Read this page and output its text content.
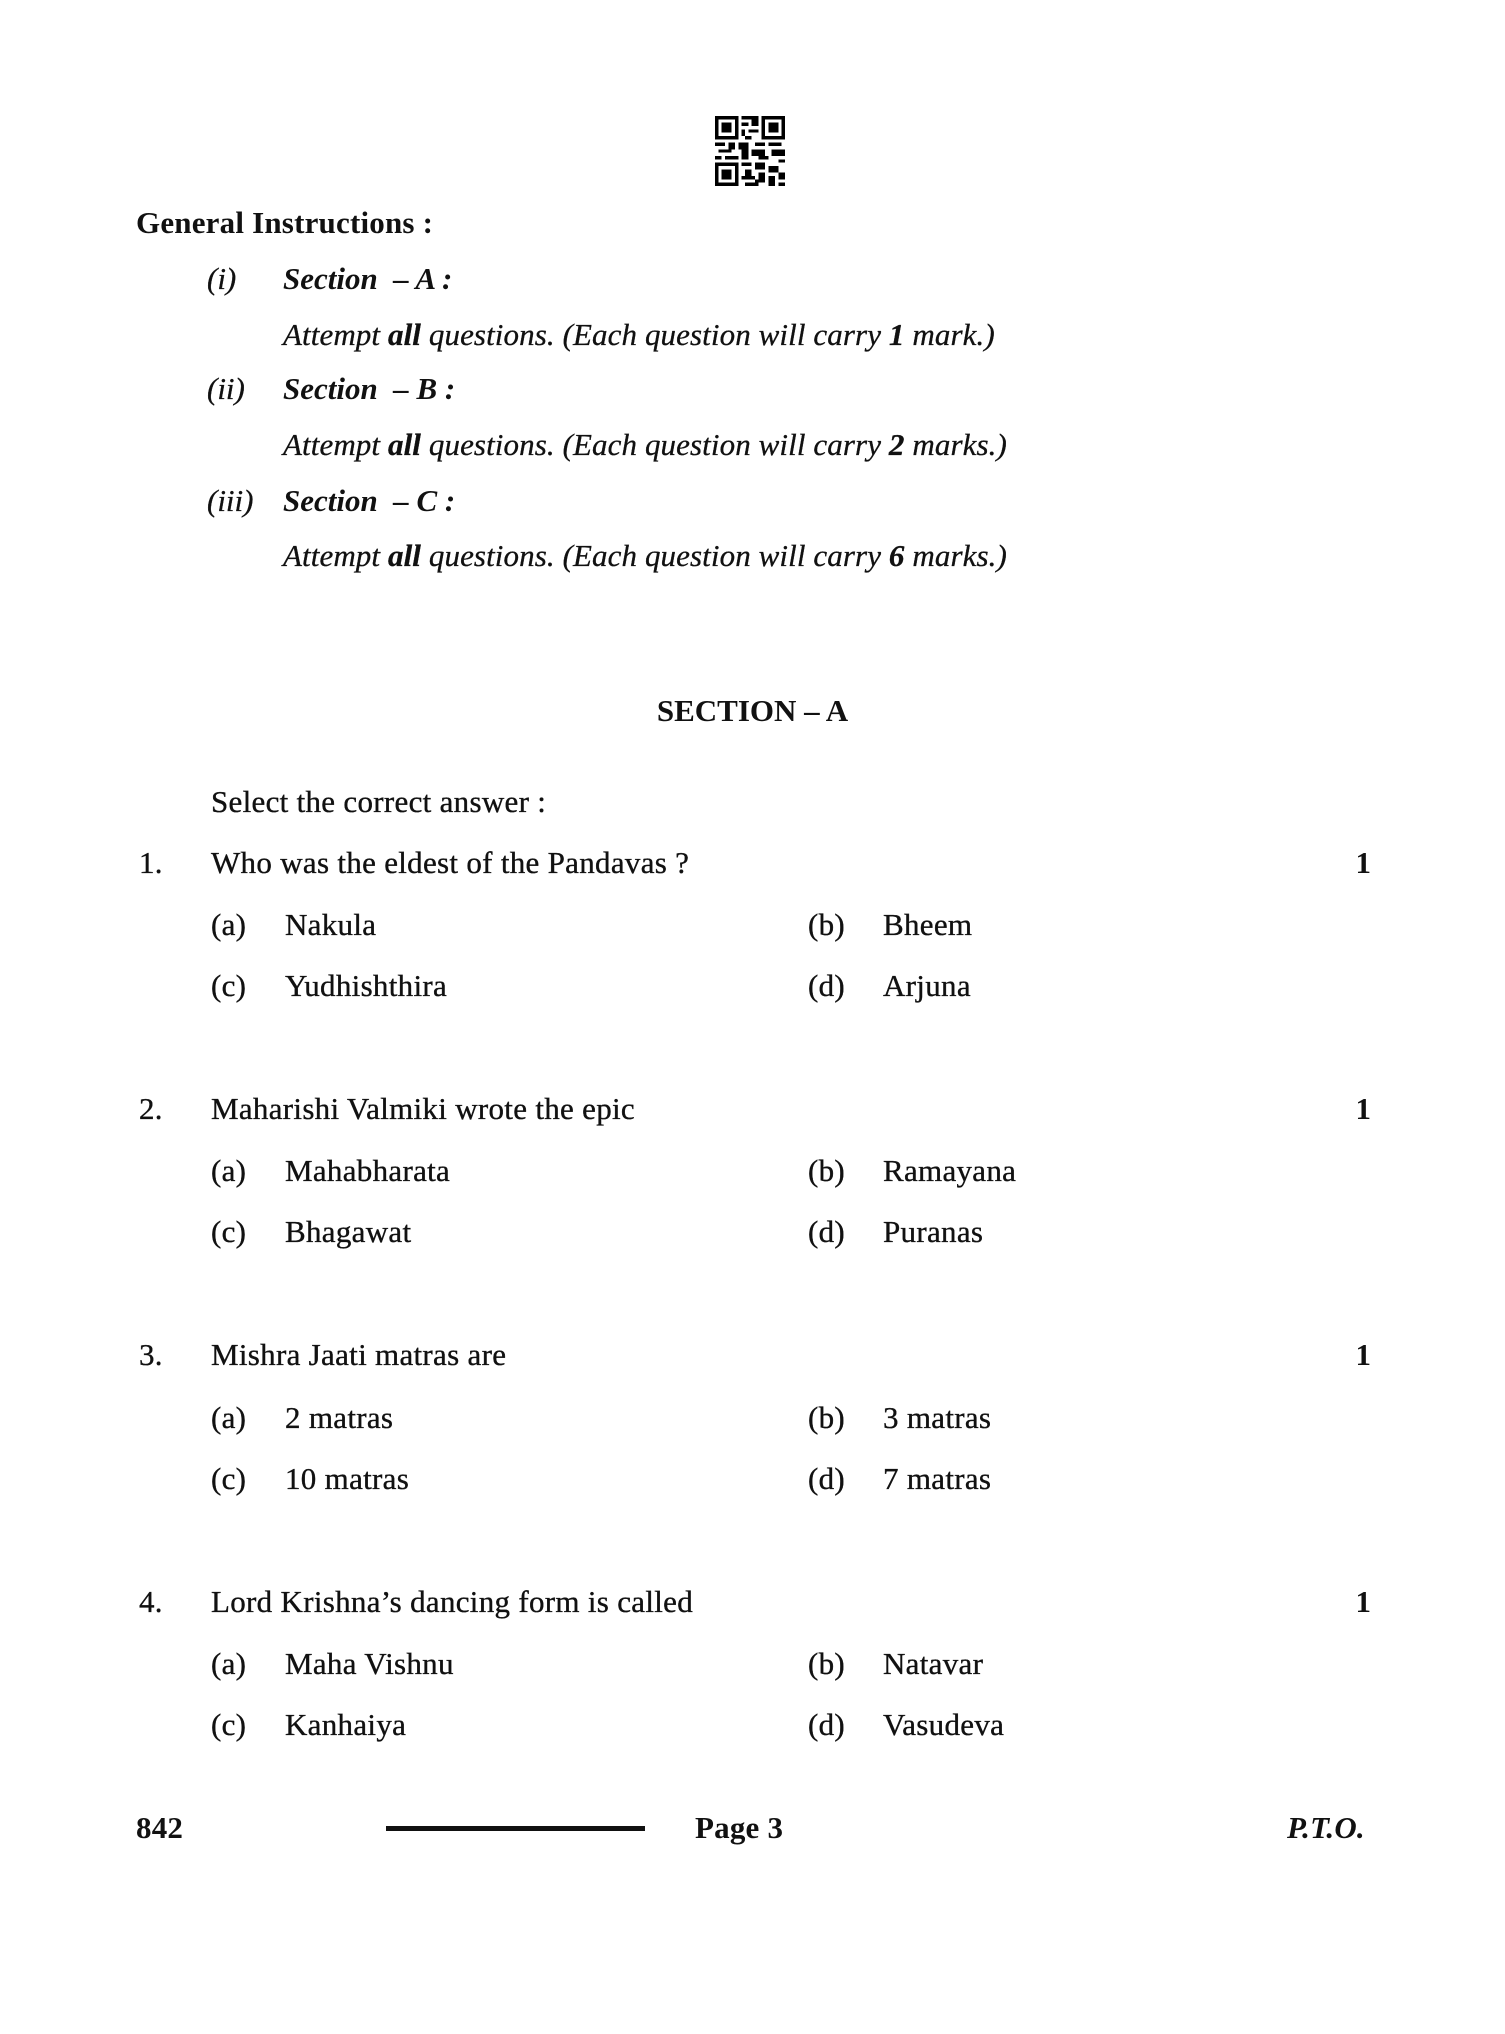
General Instructions :
(i) Section – A :
Attempt all questions. (Each question will carry 1 mark.)
(ii) Section – B :
Attempt all questions. (Each question will carry 2 marks.)
(iii) Section – C :
Attempt all questions. (Each question will carry 6 marks.)
SECTION – A
Select the correct answer :
1. Who was the eldest of the Pandavas ?	1
(a) Nakula	(b) Bheem
(c) Yudhishthira	(d) Arjuna
2. Maharishi Valmiki wrote the epic	1
(a) Mahabharata	(b) Ramayana
(c) Bhagawat	(d) Puranas
3. Mishra Jaati matras are	1
(a) 2 matras	(b) 3 matras
(c) 10 matras	(d) 7 matras
4. Lord Krishna’s dancing form is called	1
(a) Maha Vishnu	(b) Natavar
(c) Kanhaiya	(d) Vasudeva
842	Page 3	P.T.O.
